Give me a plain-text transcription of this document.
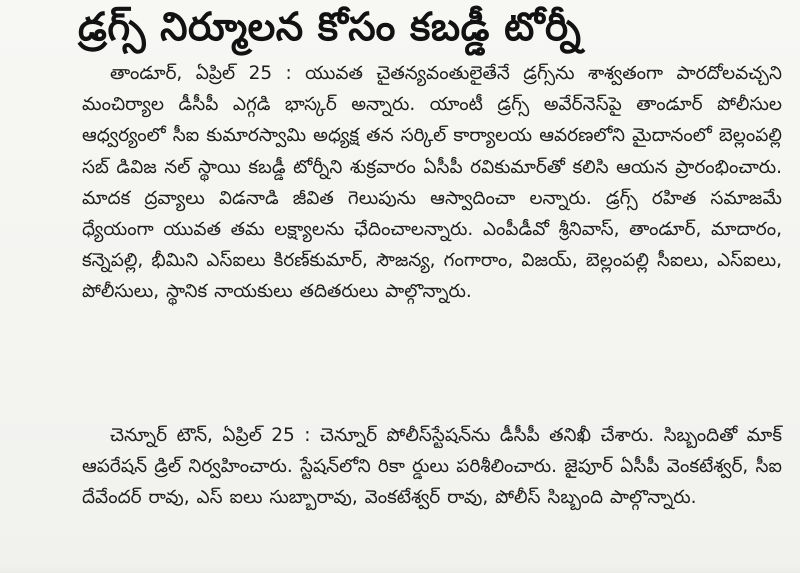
డ్రగ్స్ నిర్మూలన కోసం కబడ్డీ టోర్నీ
తాండూర్, ఏప్రిల్ 25 : యువత చైతన్యవంతులైతేనే డ్రగ్స్‌ను శాశ్వతంగా పారదోలవచ్చని మంచిర్యాల డీసీపీ ఎగ్గడి భాస్కర్ అన్నారు. యాంటీ డ్రగ్స్ అవేర్‌నెస్‌పై తాండూర్ పోలీసుల ఆధ్వర్యంలో సీఐ కుమారస్వామి అధ్యక్ష తన సర్కిల్ కార్యాలయ ఆవరణలోని మైదానంలో బెల్లంపల్లి సబ్ డివిజ నల్ స్థాయి కబడ్డీ టోర్నీని శుక్రవారం ఏసీపీ రవికుమార్‌తో కలిసి ఆయన ప్రారంభించారు. మాదక ద్రవ్యాలు విడనాడి జీవిత గెలుపును ఆస్వాదించా లన్నారు. డ్రగ్స్ రహిత సమాజమే ధ్యేయంగా యువత తమ లక్ష్యాలను ఛేదించాలన్నారు. ఎంపీడీవో శ్రీనివాస్, తాండూర్, మాదారం, కన్నెపల్లి, భీమిని ఎస్ఐలు కిరణ్‌కుమార్, సౌజన్య, గంగారాం, విజయ్, బెల్లంపల్లి సీఐలు, ఎస్ఐలు, పోలీసులు, స్థానిక నాయకులు తదితరులు పాల్గొన్నారు.
చెన్నూర్ టౌన్, ఏప్రిల్ 25 : చెన్నూర్ పోలీస్‌స్టేషన్‌ను డీసీపీ తనిఖీ చేశారు. సిబ్బందితో మాక్ ఆపరేషన్ డ్రిల్ నిర్వహించారు. స్టేషన్‌లోని రికా ర్డులు పరిశీలించారు. జైపూర్ ఏసీపీ వెంకటేశ్వర్, సీఐ దేవేందర్ రావు, ఎస్ ఐలు సుబ్బారావు, వెంకటేశ్వర్ రావు, పోలీస్ సిబ్బంది పాల్గొన్నారు.
